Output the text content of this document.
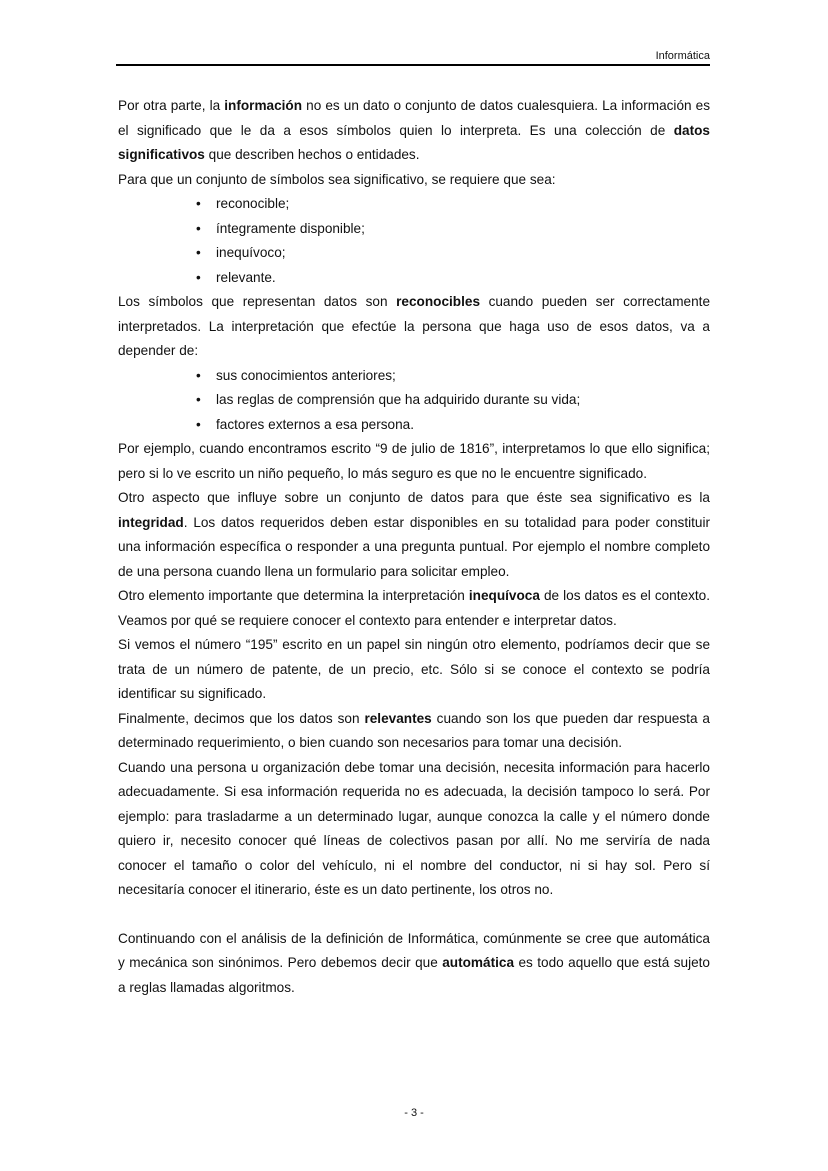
Informática

Por otra parte, la información no es un dato o conjunto de datos cualesquiera. La información es el significado que le da a esos símbolos quien lo interpreta. Es una colección de datos significativos que describen hechos o entidades.

Para que un conjunto de símbolos sea significativo, se requiere que sea:

• reconocible;
• íntegramente disponible;
• inequívoco;
• relevante.

Los símbolos que representan datos son reconocibles cuando pueden ser correctamente interpretados. La interpretación que efectúe la persona que haga uso de esos datos, va a depender de:

• sus conocimientos anteriores;
• las reglas de comprensión que ha adquirido durante su vida;
• factores externos a esa persona.

Por ejemplo, cuando encontramos escrito “9 de julio de 1816”, interpretamos lo que ello significa; pero si lo ve escrito un niño pequeño, lo más seguro es que no le encuentre significado.

Otro aspecto que influye sobre un conjunto de datos para que éste sea significativo es la integridad. Los datos requeridos deben estar disponibles en su totalidad para poder constituir una información específica o responder a una pregunta puntual. Por ejemplo el nombre completo de una persona cuando llena un formulario para solicitar empleo.

Otro elemento importante que determina la interpretación inequívoca de los datos es el contexto. Veamos por qué se requiere conocer el contexto para entender e interpretar datos.

Si vemos el número “195” escrito en un papel sin ningún otro elemento, podríamos decir que se trata de un número de patente, de un precio, etc. Sólo si se conoce el contexto se podría identificar su significado.

Finalmente, decimos que los datos son relevantes cuando son los que pueden dar respuesta a determinado requerimiento, o bien cuando son necesarios para tomar una decisión.

Cuando una persona u organización debe tomar una decisión, necesita información para hacerlo adecuadamente. Si esa información requerida no es adecuada, la decisión tampoco lo será. Por ejemplo: para trasladarme a un determinado lugar, aunque conozca la calle y el número donde quiero ir, necesito conocer qué líneas de colectivos pasan por allí. No me serviría de nada conocer el tamaño o color del vehículo, ni el nombre del conductor, ni si hay sol. Pero sí necesitaría conocer el itinerario, éste es un dato pertinente, los otros no.

Continuando con el análisis de la definición de Informática, comúnmente se cree que automática y mecánica son sinónimos. Pero debemos decir que automática es todo aquello que está sujeto a reglas llamadas algoritmos.

- 3 -
